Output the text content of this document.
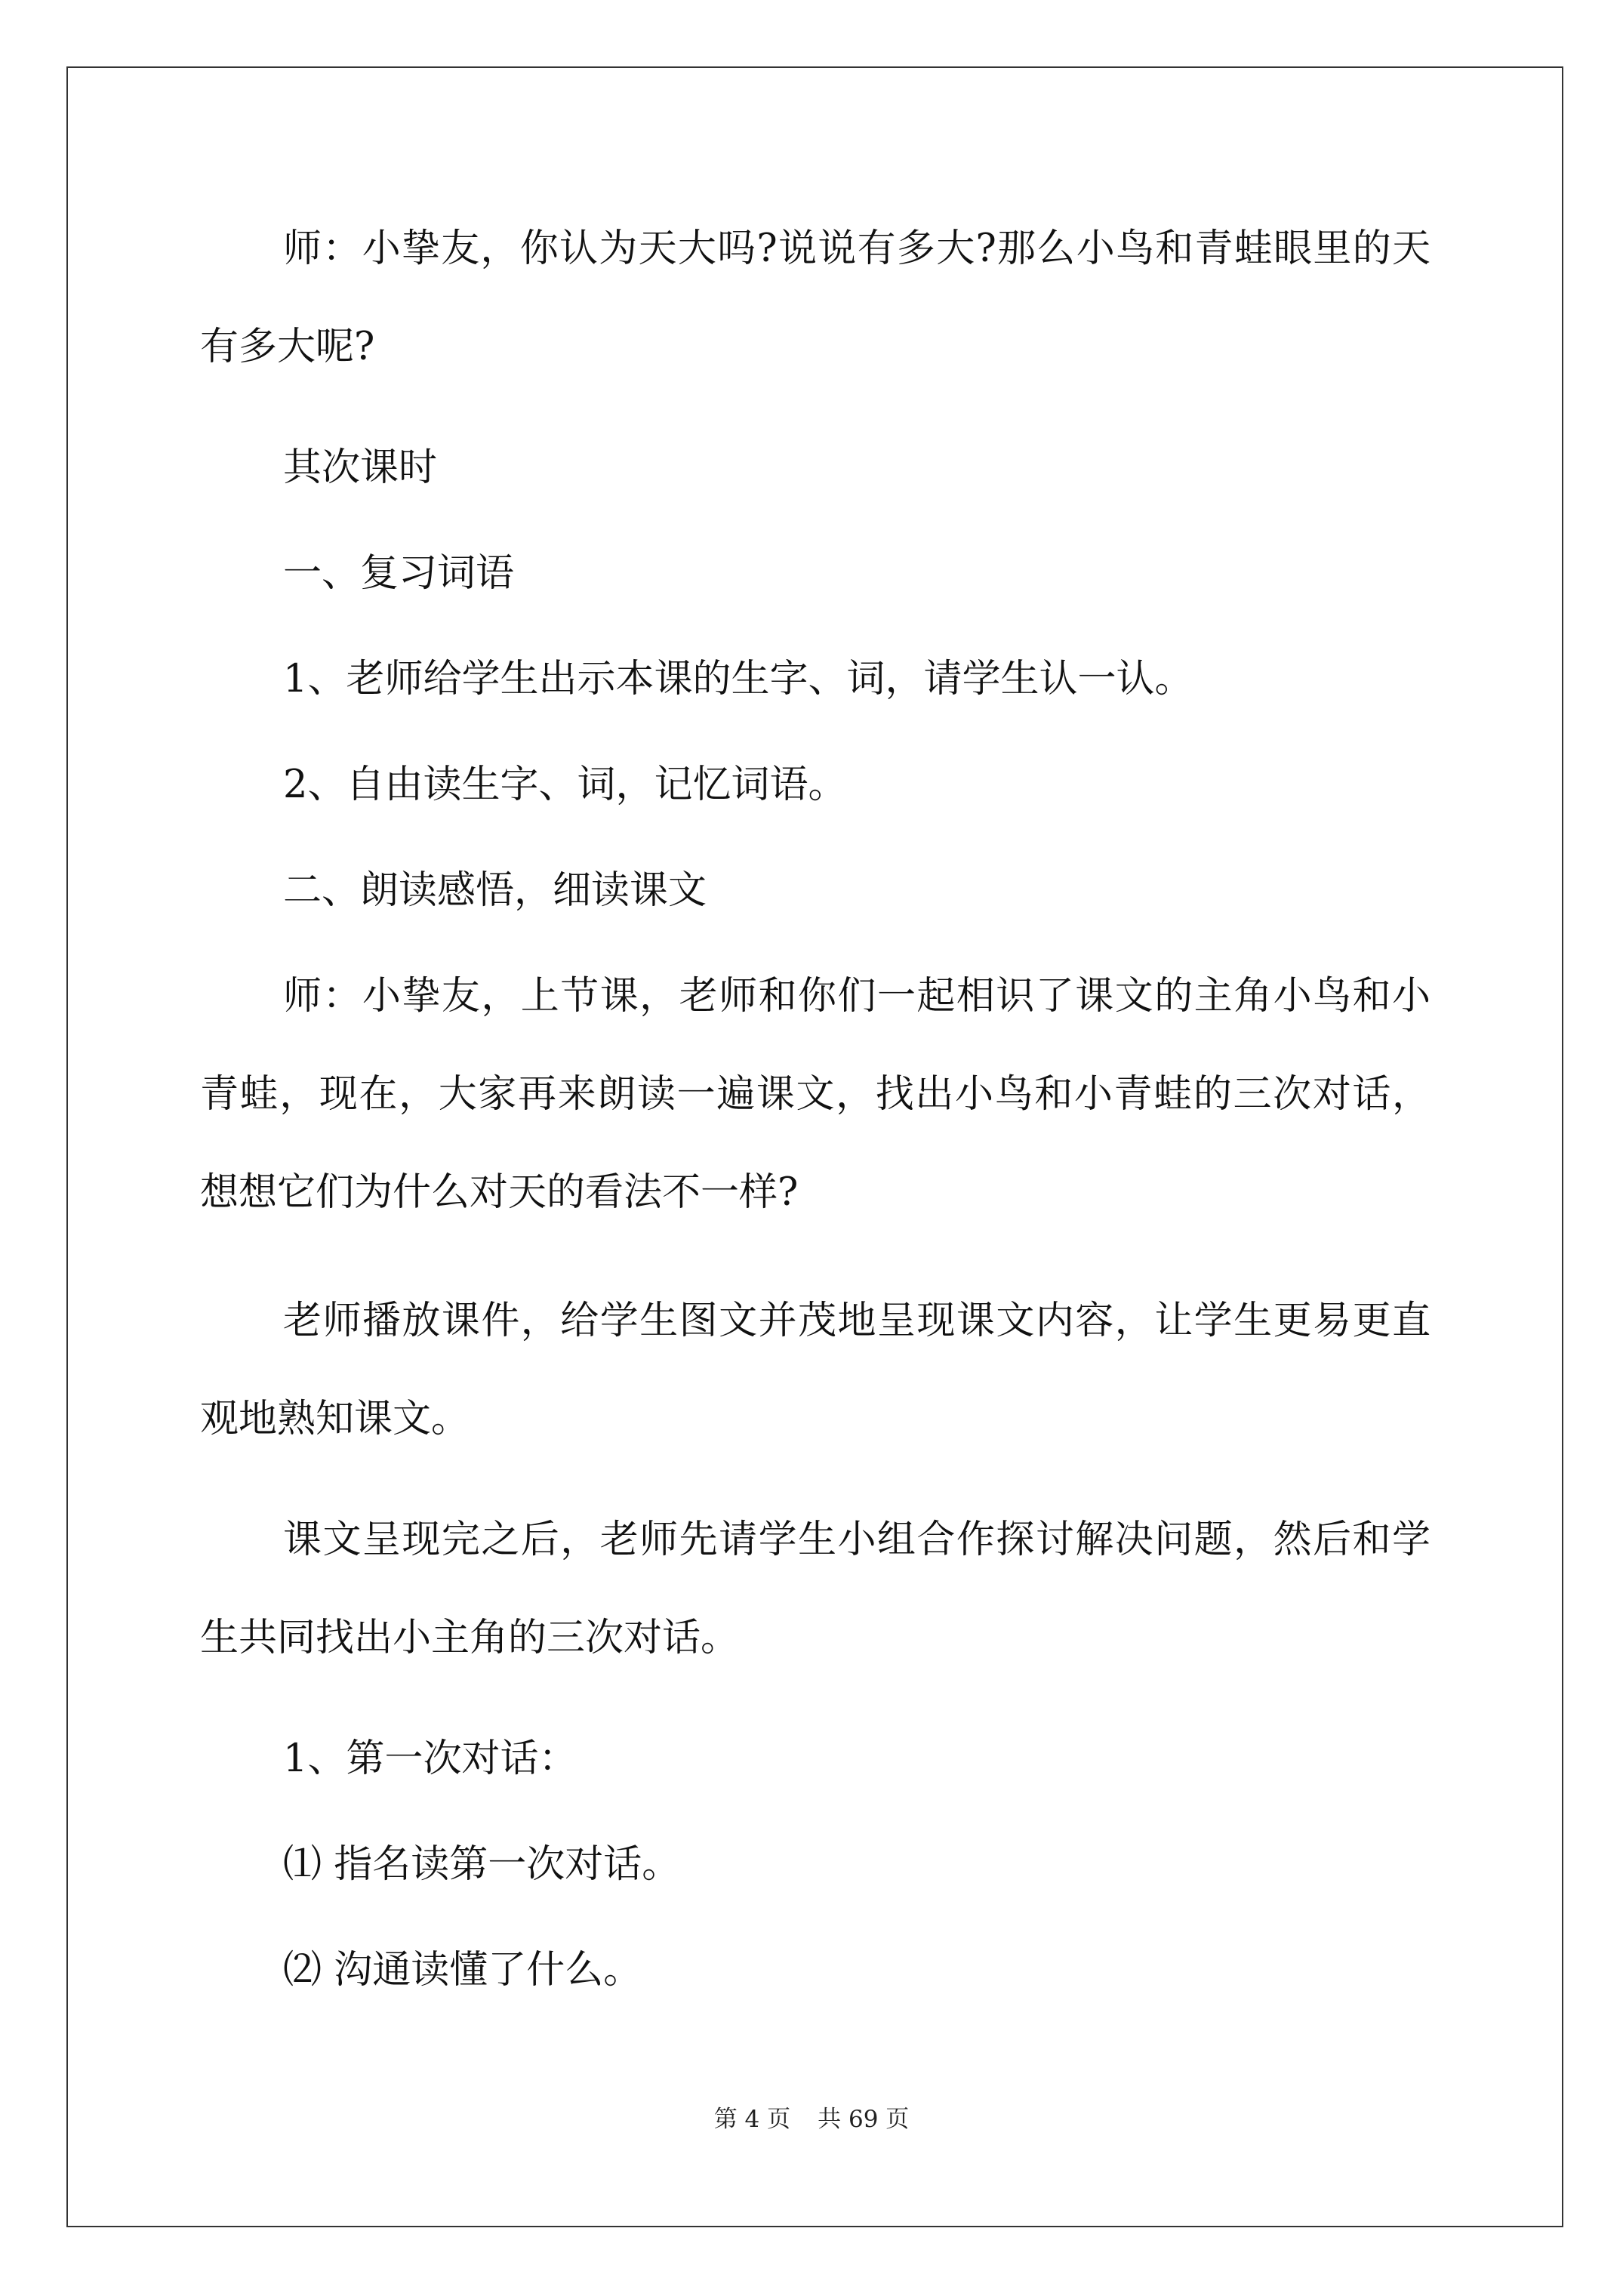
师：小挚友，你认为天大吗?说说有多大?那么小鸟和青蛙眼里的天有多大呢?
其次课时
一、复习词语
1、老师给学生出示本课的生字、词，请学生认一认。
2、自由读生字、词，记忆词语。
二、朗读感悟，细读课文
师：小挚友，上节课，老师和你们一起相识了课文的主角小鸟和小青蛙，现在，大家再来朗读一遍课文，找出小鸟和小青蛙的三次对话，想想它们为什么对天的看法不一样?
老师播放课件，给学生图文并茂地呈现课文内容，让学生更易更直观地熟知课文。
课文呈现完之后，老师先请学生小组合作探讨解决问题，然后和学生共同找出小主角的三次对话。
1、第一次对话：
⑴ 指名读第一次对话。
⑵ 沟通读懂了什么。
第 4 页 共 69 页
